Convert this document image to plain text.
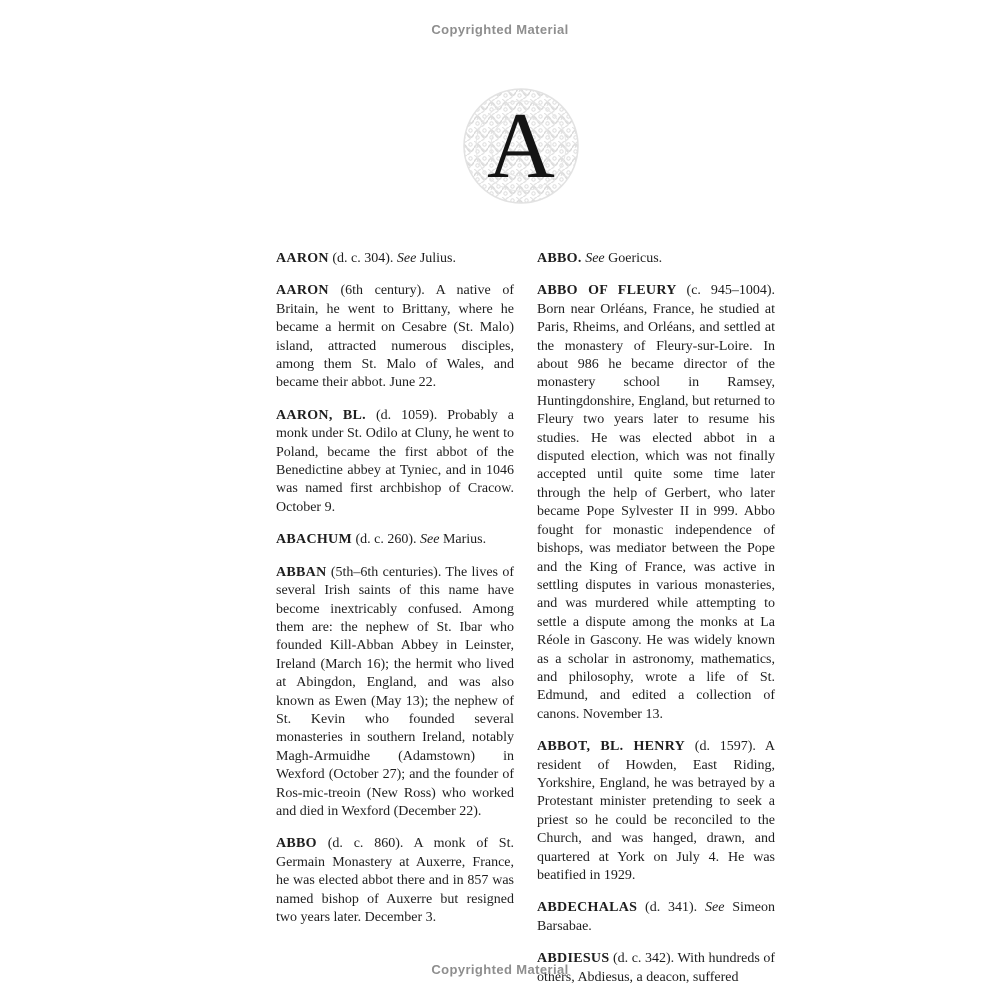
Copyrighted Material
A

AARON (d. c. 304). See Julius.

AARON (6th century). A native of Britain, he went to Brittany, where he became a hermit on Cesabre (St. Malo) island, attracted numerous disciples, among them St. Malo of Wales, and became their abbot. June 22.

AARON, BL. (d. 1059). Probably a monk under St. Odilo at Cluny, he went to Poland, became the first abbot of the Benedictine abbey at Tyniec, and in 1046 was named first archbishop of Cracow. October 9.

ABACHUM (d. c. 260). See Marius.

ABBAN (5th–6th centuries). The lives of several Irish saints of this name have become inextricably confused. Among them are: the nephew of St. Ibar who founded Kill-Abban Abbey in Leinster, Ireland (March 16); the hermit who lived at Abingdon, England, and was also known as Ewen (May 13); the nephew of St. Kevin who founded several monasteries in southern Ireland, notably Magh-Armuidhe (Adamstown) in Wexford (October 27); and the founder of Ros-mic-treoin (New Ross) who worked and died in Wexford (December 22).

ABBO (d. c. 860). A monk of St. Germain Monastery at Auxerre, France, he was elected abbot there and in 857 was named bishop of Auxerre but resigned two years later. December 3.

ABBO. See Goericus.

ABBO OF FLEURY (c. 945–1004). Born near Orléans, France, he studied at Paris, Rheims, and Orléans, and settled at the monastery of Fleury-sur-Loire. In about 986 he became director of the monastery school in Ramsey, Huntingdonshire, England, but returned to Fleury two years later to resume his studies. He was elected abbot in a disputed election, which was not finally accepted until quite some time later through the help of Gerbert, who later became Pope Sylvester II in 999. Abbo fought for monastic independence of bishops, was mediator between the Pope and the King of France, was active in settling disputes in various monasteries, and was murdered while attempting to settle a dispute among the monks at La Réole in Gascony. He was widely known as a scholar in astronomy, mathematics, and philosophy, wrote a life of St. Edmund, and edited a collection of canons. November 13.

ABBOT, BL. HENRY (d. 1597). A resident of Howden, East Riding, Yorkshire, England, he was betrayed by a Protestant minister pretending to seek a priest so he could be reconciled to the Church, and was hanged, drawn, and quartered at York on July 4. He was beatified in 1929.

ABDECHALAS (d. 341). See Simeon Barsabae.

ABDIESUS (d. c. 342). With hundreds of others, Abdiesus, a deacon, suffered

Copyrighted Material
